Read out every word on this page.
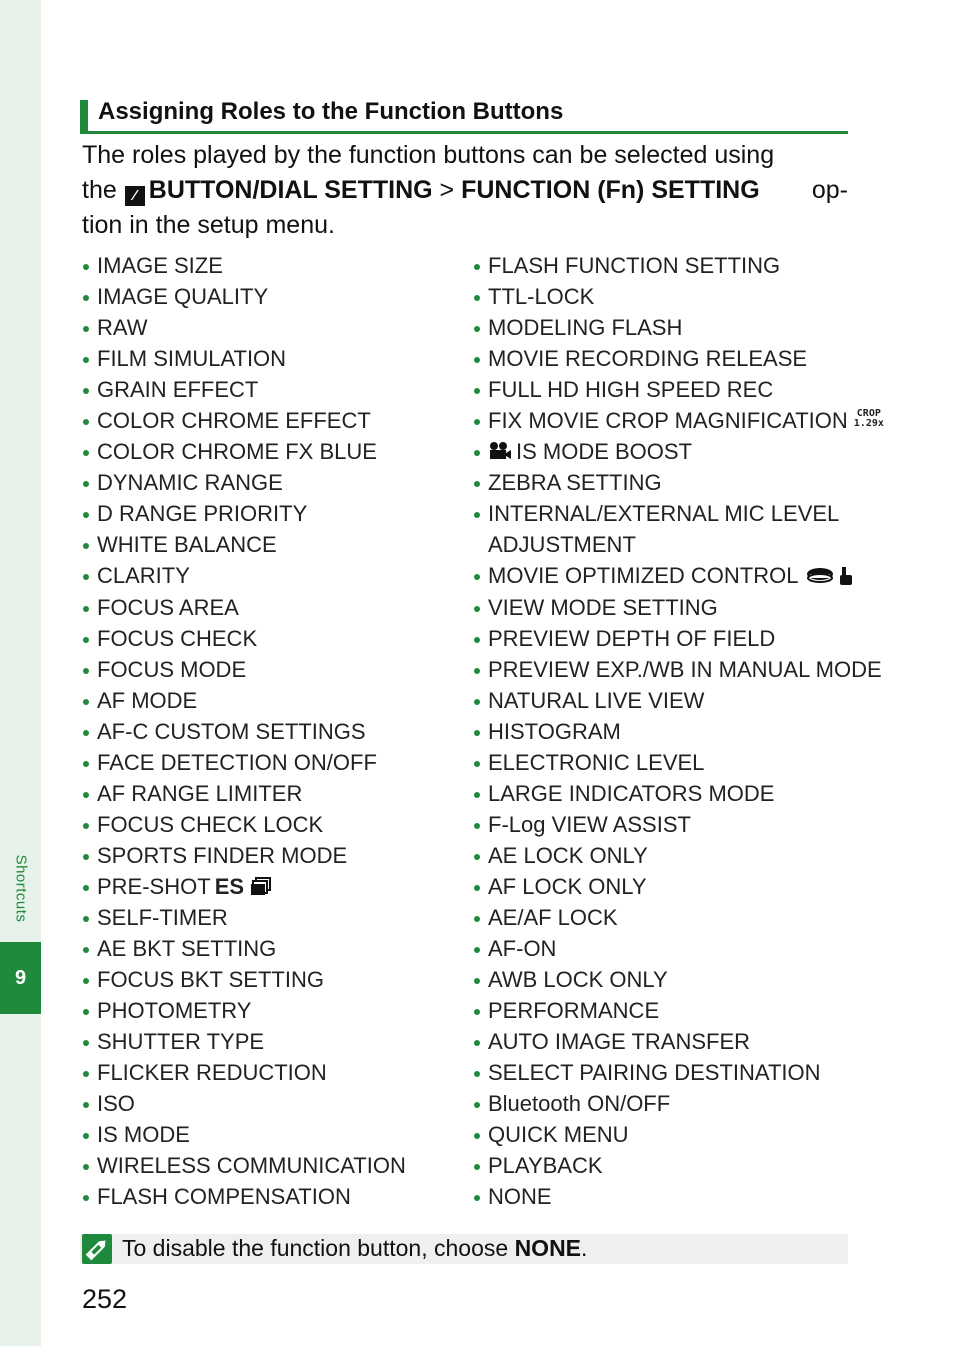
Shortcuts
9
Assigning Roles to the Function Buttons
The roles played by the function buttons can be selected using
the ⁄ BUTTON/DIAL SETTING > FUNCTION (Fn) SETTING op-
tion in the setup menu.
IMAGE SIZE
IMAGE QUALITY
RAW
FILM SIMULATION
GRAIN EFFECT
COLOR CHROME EFFECT
COLOR CHROME FX BLUE
DYNAMIC RANGE
D RANGE PRIORITY
WHITE BALANCE
CLARITY
FOCUS AREA
FOCUS CHECK
FOCUS MODE
AF MODE
AF-C CUSTOM SETTINGS
FACE DETECTION ON/OFF
AF RANGE LIMITER
FOCUS CHECK LOCK
SPORTS FINDER MODE
PRE-SHOT ES
SELF-TIMER
AE BKT SETTING
FOCUS BKT SETTING
PHOTOMETRY
SHUTTER TYPE
FLICKER REDUCTION
ISO
IS MODE
WIRELESS COMMUNICATION
FLASH COMPENSATION
FLASH FUNCTION SETTING
TTL-LOCK
MODELING FLASH
MOVIE RECORDING RELEASE
FULL HD HIGH SPEED REC
FIX MOVIE CROP MAGNIFICATION CROP
1.29x
IS MODE BOOST
ZEBRA SETTING
INTERNAL/EXTERNAL MIC LEVEL
ADJUSTMENT
MOVIE OPTIMIZED CONTROL
VIEW MODE SETTING
PREVIEW DEPTH OF FIELD
PREVIEW EXP./WB IN MANUAL MODE
NATURAL LIVE VIEW
HISTOGRAM
ELECTRONIC LEVEL
LARGE INDICATORS MODE
F-Log VIEW ASSIST
AE LOCK ONLY
AF LOCK ONLY
AE/AF LOCK
AF-ON
AWB LOCK ONLY
PERFORMANCE
AUTO IMAGE TRANSFER
SELECT PAIRING DESTINATION
Bluetooth ON/OFF
QUICK MENU
PLAYBACK
NONE
To disable the function button, choose NONE.
252
